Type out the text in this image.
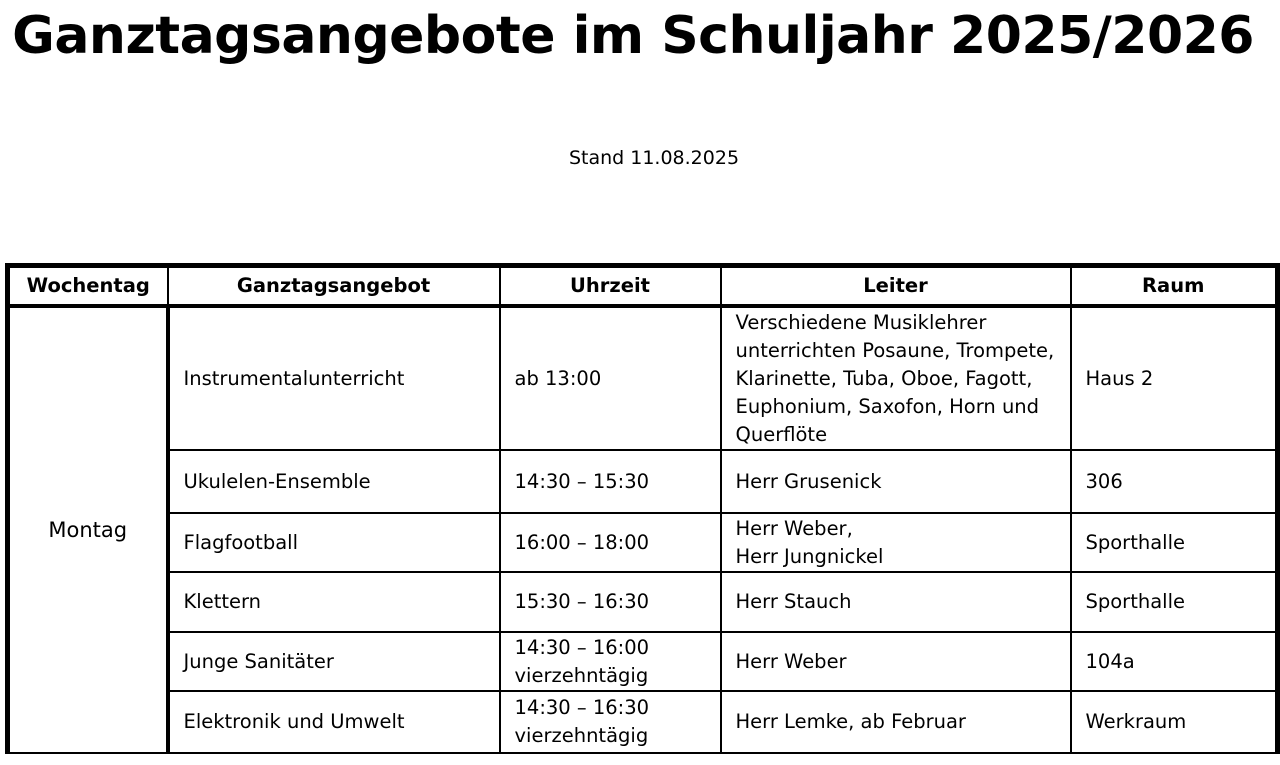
Ganztagsangebote im Schuljahr 2025/2026
Stand 11.08.2025
Wochentag	Ganztagsangebot	Uhrzeit	Leiter	Raum
Montag	Instrumentalunterricht	ab 13:00	Verschiedene Musiklehrer
unterrichten Posaune, Trompete,
Klarinette, Tuba, Oboe, Fagott,
Euphonium, Saxofon, Horn und
Querflöte	Haus 2
	Ukulelen-Ensemble	14:30 – 15:30	Herr Grusenick	306
	Flagfootball	16:00 – 18:00	Herr Weber,
Herr Jungnickel	Sporthalle
	Klettern	15:30 – 16:30	Herr Stauch	Sporthalle
	Junge Sanitäter	14:30 – 16:00
vierzehntägig	Herr Weber	104a
	Elektronik und Umwelt	14:30 – 16:30
vierzehntägig	Herr Lemke, ab Februar	Werkraum
